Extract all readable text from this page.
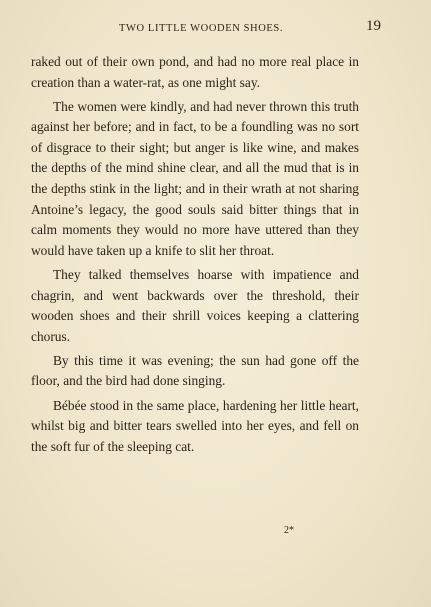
TWO LITTLE WOODEN SHOES.	19

raked out of their own pond, and had no more real place in creation than a water-rat, as one might say.

The women were kindly, and had never thrown this truth against her before; and in fact, to be a foundling was no sort of disgrace to their sight; but anger is like wine, and makes the depths of the mind shine clear, and all the mud that is in the depths stink in the light; and in their wrath at not sharing Antoine’s legacy, the good souls said bitter things that in calm moments they would no more have uttered than they would have taken up a knife to slit her throat.

They talked themselves hoarse with impatience and chagrin, and went backwards over the threshold, their wooden shoes and their shrill voices keeping a clattering chorus.

By this time it was evening; the sun had gone off the floor, and the bird had done singing.

Bébée stood in the same place, hardening her little heart, whilst big and bitter tears swelled into her eyes, and fell on the soft fur of the sleeping cat.

2*
